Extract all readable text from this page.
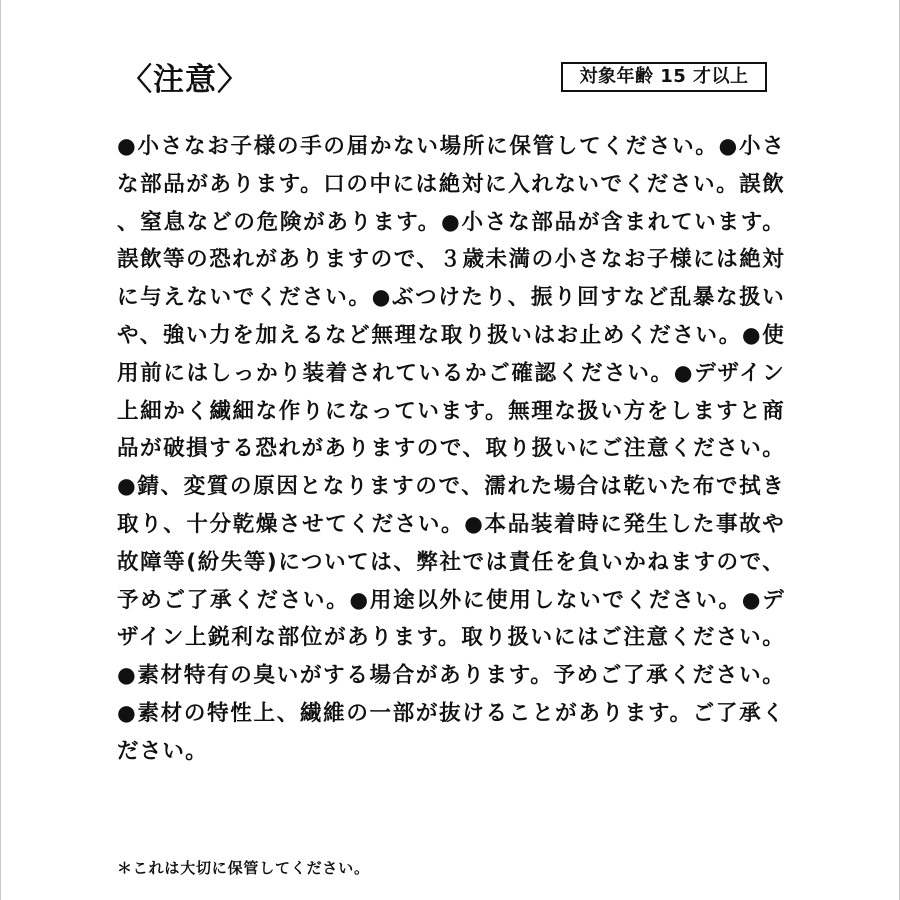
〈注意〉	対象年齢 15 才以上
●小さなお子様の手の届かない場所に保管してください。●小さな部品があります。口の中には絶対に入れないでください。誤飲、窒息などの危険があります。●小さな部品が含まれています。誤飲等の恐れがありますので、３歳未満の小さなお子様には絶対に与えないでください。●ぶつけたり、振り回すなど乱暴な扱いや、強い力を加えるなど無理な取り扱いはお止めください。●使用前にはしっかり装着されているかご確認ください。●デザイン上細かく繊細な作りになっています。無理な扱い方をしますと商品が破損する恐れがありますので、取り扱いにご注意ください。●錆、変質の原因となりますので、濡れた場合は乾いた布で拭き取り、十分乾燥させてください。●本品装着時に発生した事故や故障等(紛失等)については、弊社では責任を負いかねますので、予めご了承ください。●用途以外に使用しないでください。●デザイン上鋭利な部位があります。取り扱いにはご注意ください。●素材特有の臭いがする場合があります。予めご了承ください。●素材の特性上、繊維の一部が抜けることがあります。ご了承ください。
＊これは大切に保管してください。
